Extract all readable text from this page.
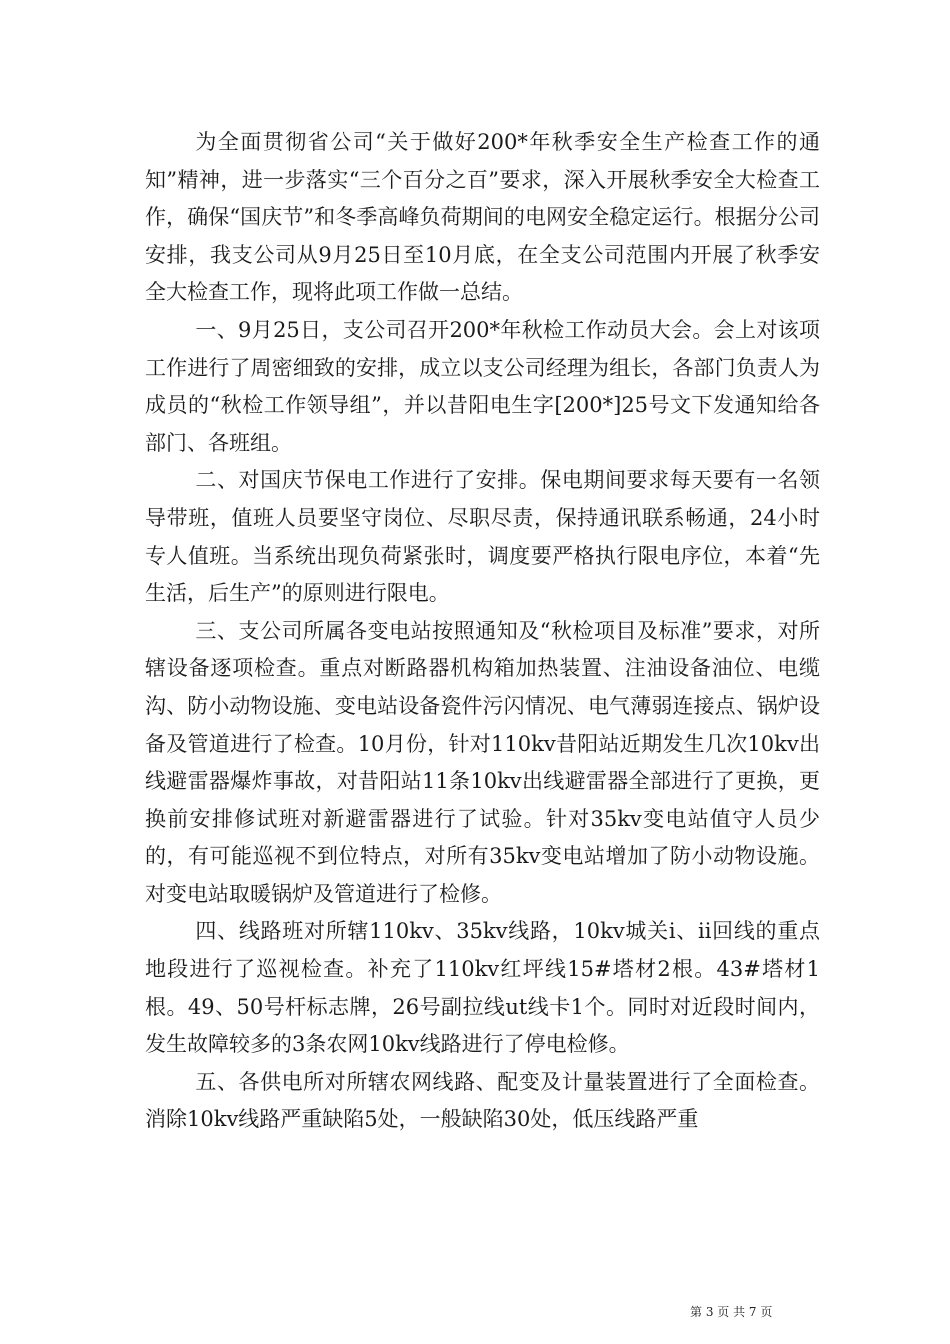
为全面贯彻省公司“关于做好200*年秋季安全生产检查工作的通知”精神，进一步落实“三个百分之百”要求，深入开展秋季安全大检查工作，确保“国庆节”和冬季高峰负荷期间的电网安全稳定运行。根据分公司安排，我支公司从9月25日至10月底，在全支公司范围内开展了秋季安全大检查工作，现将此项工作做一总结。

一、9月25日，支公司召开200*年秋检工作动员大会。会上对该项工作进行了周密细致的安排，成立以支公司经理为组长，各部门负责人为成员的“秋检工作领导组”，并以昔阳电生字[200*]25号文下发通知给各部门、各班组。

二、对国庆节保电工作进行了安排。保电期间要求每天要有一名领导带班，值班人员要坚守岗位、尽职尽责，保持通讯联系畅通，24小时专人值班。当系统出现负荷紧张时，调度要严格执行限电序位，本着“先生活，后生产”的原则进行限电。

三、支公司所属各变电站按照通知及“秋检项目及标准”要求，对所辖设备逐项检查。重点对断路器机构箱加热装置、注油设备油位、电缆沟、防小动物设施、变电站设备瓷件污闪情况、电气薄弱连接点、锅炉设备及管道进行了检查。10月份，针对110kv昔阳站近期发生几次10kv出线避雷器爆炸事故，对昔阳站11条10kv出线避雷器全部进行了更换，更换前安排修试班对新避雷器进行了试验。针对35kv变电站值守人员少的，有可能巡视不到位特点，对所有35kv变电站增加了防小动物设施。对变电站取暖锅炉及管道进行了检修。

四、线路班对所辖110kv、35kv线路，10kv城关i、ii回线的重点地段进行了巡视检查。补充了110kv红坪线15#塔材2根。43#塔材1根。49、50号杆标志牌，26号副拉线ut线卡1个。同时对近段时间内，发生故障较多的3条农网10kv线路进行了停电检修。

五、各供电所对所辖农网线路、配变及计量装置进行了全面检查。消除10kv线路严重缺陷5处，一般缺陷30处，低压线路严重

第 3 页 共 7 页
